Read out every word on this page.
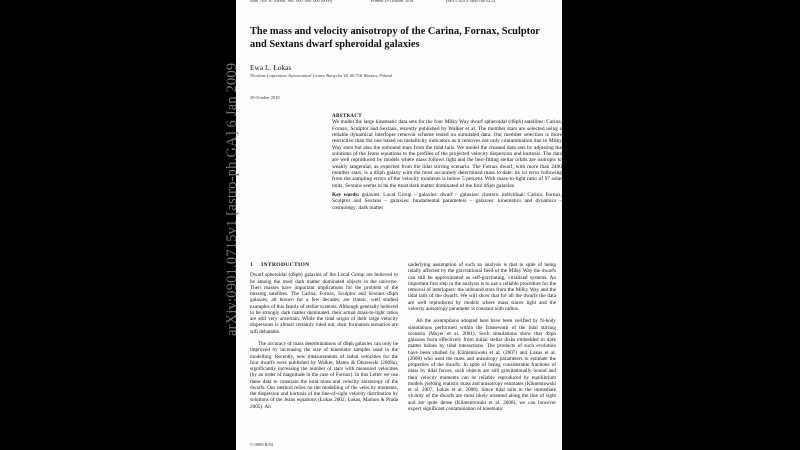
Mon. Not. R. Astron. Soc. 000, 000–000 (0000)	Printed 29 October 2018	(MN LATEX style file v2.2)
The mass and velocity anisotropy of the Carina, Fornax, Sculptor and Sextans dwarf spheroidal galaxies
Ewa L. Łokas
Nicolaus Copernicus Astronomical Center, Bartycka 18, 00-716 Warsaw, Poland
29 October 2018

ABSTRACT

We model the large kinematic data sets for the four Milky Way dwarf spheroidal (dSph) satellites: Carina, Fornax, Sculptor and Sextans, recently published by Walker et al. The member stars are selected using a reliable dynamical interloper removal scheme tested on simulated data. Our member selection is more restrictive than the one based on metallicity indicators as it removes not only contamination due to Milky Way stars but also the unbound stars from the tidal tails. We model the cleaned data sets by adjusting the solutions of the Jeans equations to the profiles of the projected velocity dispersion and kurtosis. The data are well reproduced by models where mass follows light and the best-fitting stellar orbits are isotropic to weakly tangential, as expected from the tidal stirring scenario. The Fornax dwarf, with more than 2400 member stars, is a dSph galaxy with the most accurately determined mass to date: its 1σ error following from the sampling errors of the velocity moments is below 5 percent. With mass-to-light ratio of 97 solar units, Sextans seems to be the most dark matter dominated of the four dSph galaxies.

Key words: galaxies: Local Group – galaxies: dwarf – galaxies: clusters: individual: Carina, Fornax, Sculptor and Sextans – galaxies: fundamental parameters – galaxies: kinematics and dynamics – cosmology: dark matter

1 INTRODUCTION

Dwarf spheroidal (dSph) galaxies of the Local Group are believed to be among the most dark matter dominated objects in the universe. Their masses have important implications for the problem of the missing satellites. The Carina, Fornax, Sculptor and Sextans dSph galaxies, all known for a few decades, are classic, well studied examples of this family of stellar systems. Although generally believed to be strongly dark matter dominated, their actual mass-to-light ratios are still very uncertain. While the tidal origin of their large velocity dispersions is almost certainly ruled out, their formation scenarios are still debatable.

The accuracy of mass determinations of dSph galaxies can only be improved by increasing the size of kinematic samples used in the modelling. Recently, new measurements of radial velocities for the four dwarfs were published by Walker, Mateo & Olszewski (2008a), significantly increasing the number of stars with measured velocities (by an order of magnitude in the case of Fornax). In this Letter we use these data to constrain the total mass and velocity anisotropy of the dwarfs. Our method relies on the modelling of the velocity moments, the dispersion and kurtosis of the line-of-sight velocity distribution by solutions of the Jeans equations (Łokas 2002; Łokas, Mamon & Prada 2005). An

underlying assumption of such an analysis is that in spite of being tidally affected by the gravitational field of the Milky Way the dwarfs can still be approximated as self-gravitating, virialized systems. An important first step in the analysis is to use a reliable procedure for the removal of interlopers: the unbound stars from the Milky Way and the tidal tails of the dwarfs. We will show that for all the dwarfs the data are well reproduced by models where mass traces light and the velocity anisotropy parameter is constant with radius.

All the assumptions adopted here have been verified by N-body simulations performed within the framework of the tidal stirring scenario (Mayer et al. 2001). Such simulations show that dSph galaxies form effectively from initial stellar disks embedded in dark matter haloes by tidal interactions. The products of such evolution have been studied by Klimentowski et al. (2007) and Łokas et al. (2008) who used the mass and anisotropy parameters to estimate the properties of the dwarfs. In spite of losing considerable fractions of mass by tidal forces, such objects are still gravitationally bound and their velocity moments can be reliably reproduced by equilibrium models yielding realistic mass and anisotropy estimates (Klimentowski et al. 2007; Łokas et al. 2008). Since tidal tails in the immediate vicinity of the dwarfs are most likely oriented along the line of sight and are quite dense (Klimentowski et al. 2008), we can however expect significant contamination of kinematic

© 0000 RAS
arXiv:0901.0715v1 [astro-ph.GA] 6 Jan 2009
